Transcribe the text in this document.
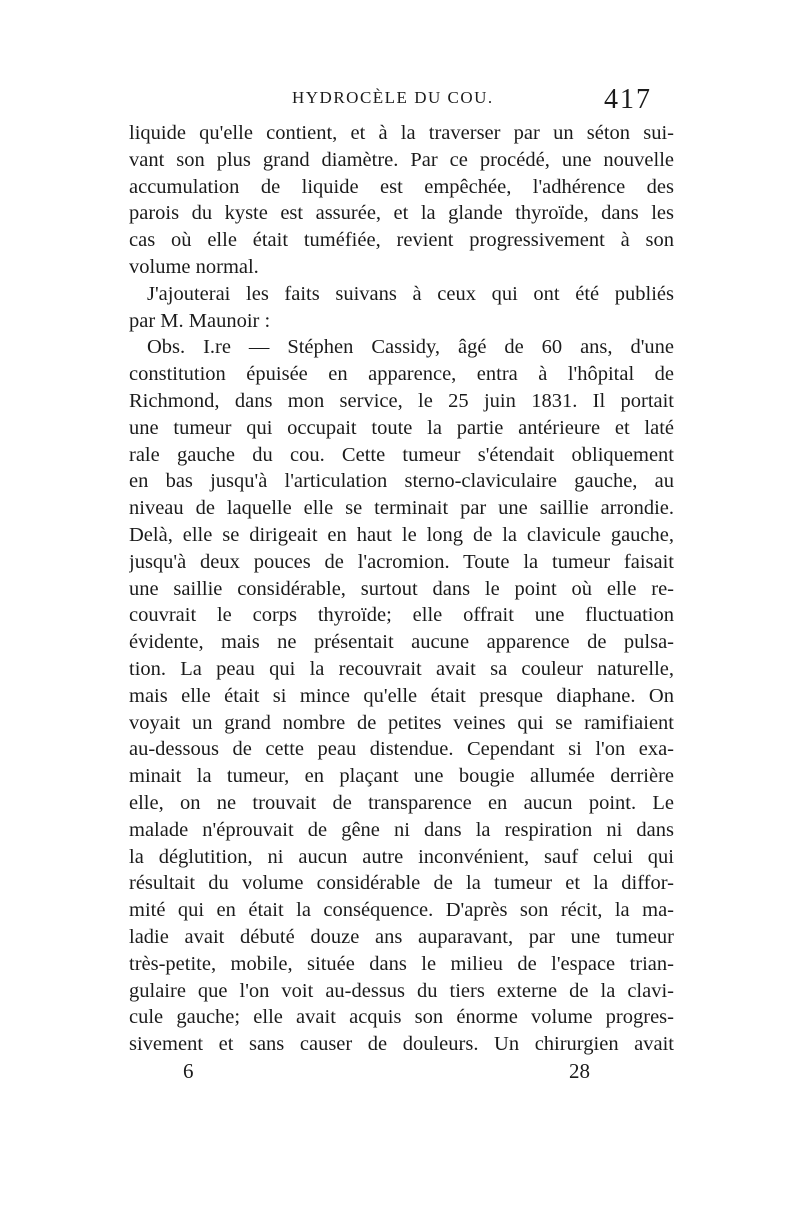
HYDROCÈLE DU COU.	417
liquide qu'elle contient, et à la traverser par un séton sui-
vant son plus grand diamètre. Par ce procédé, une nouvelle
accumulation de liquide est empêchée, l'adhérence des
parois du kyste est assurée, et la glande thyroïde, dans les
cas où elle était tuméfiée, revient progressivement à son
volume normal.
J'ajouterai les faits suivans à ceux qui ont été publiés
par M. Maunoir :
Obs. I.re — Stéphen Cassidy, âgé de 60 ans, d'une
constitution épuisée en apparence, entra à l'hôpital de
Richmond, dans mon service, le 25 juin 1831. Il portait
une tumeur qui occupait toute la partie antérieure et laté
rale gauche du cou. Cette tumeur s'étendait obliquement
en bas jusqu'à l'articulation sterno-claviculaire gauche, au
niveau de laquelle elle se terminait par une saillie arrondie.
Delà, elle se dirigeait en haut le long de la clavicule gauche,
jusqu'à deux pouces de l'acromion. Toute la tumeur faisait
une saillie considérable, surtout dans le point où elle re-
couvrait le corps thyroïde; elle offrait une fluctuation
évidente, mais ne présentait aucune apparence de pulsa-
tion. La peau qui la recouvrait avait sa couleur naturelle,
mais elle était si mince qu'elle était presque diaphane. On
voyait un grand nombre de petites veines qui se ramifiaient
au-dessous de cette peau distendue. Cependant si l'on exa-
minait la tumeur, en plaçant une bougie allumée derrière
elle, on ne trouvait de transparence en aucun point. Le
malade n'éprouvait de gêne ni dans la respiration ni dans
la déglutition, ni aucun autre inconvénient, sauf celui qui
résultait du volume considérable de la tumeur et la diffor-
mité qui en était la conséquence. D'après son récit, la ma-
ladie avait débuté douze ans auparavant, par une tumeur
très-petite, mobile, située dans le milieu de l'espace trian-
gulaire que l'on voit au-dessus du tiers externe de la clavi-
cule gauche; elle avait acquis son énorme volume progres-
sivement et sans causer de douleurs. Un chirurgien avait
6	28
